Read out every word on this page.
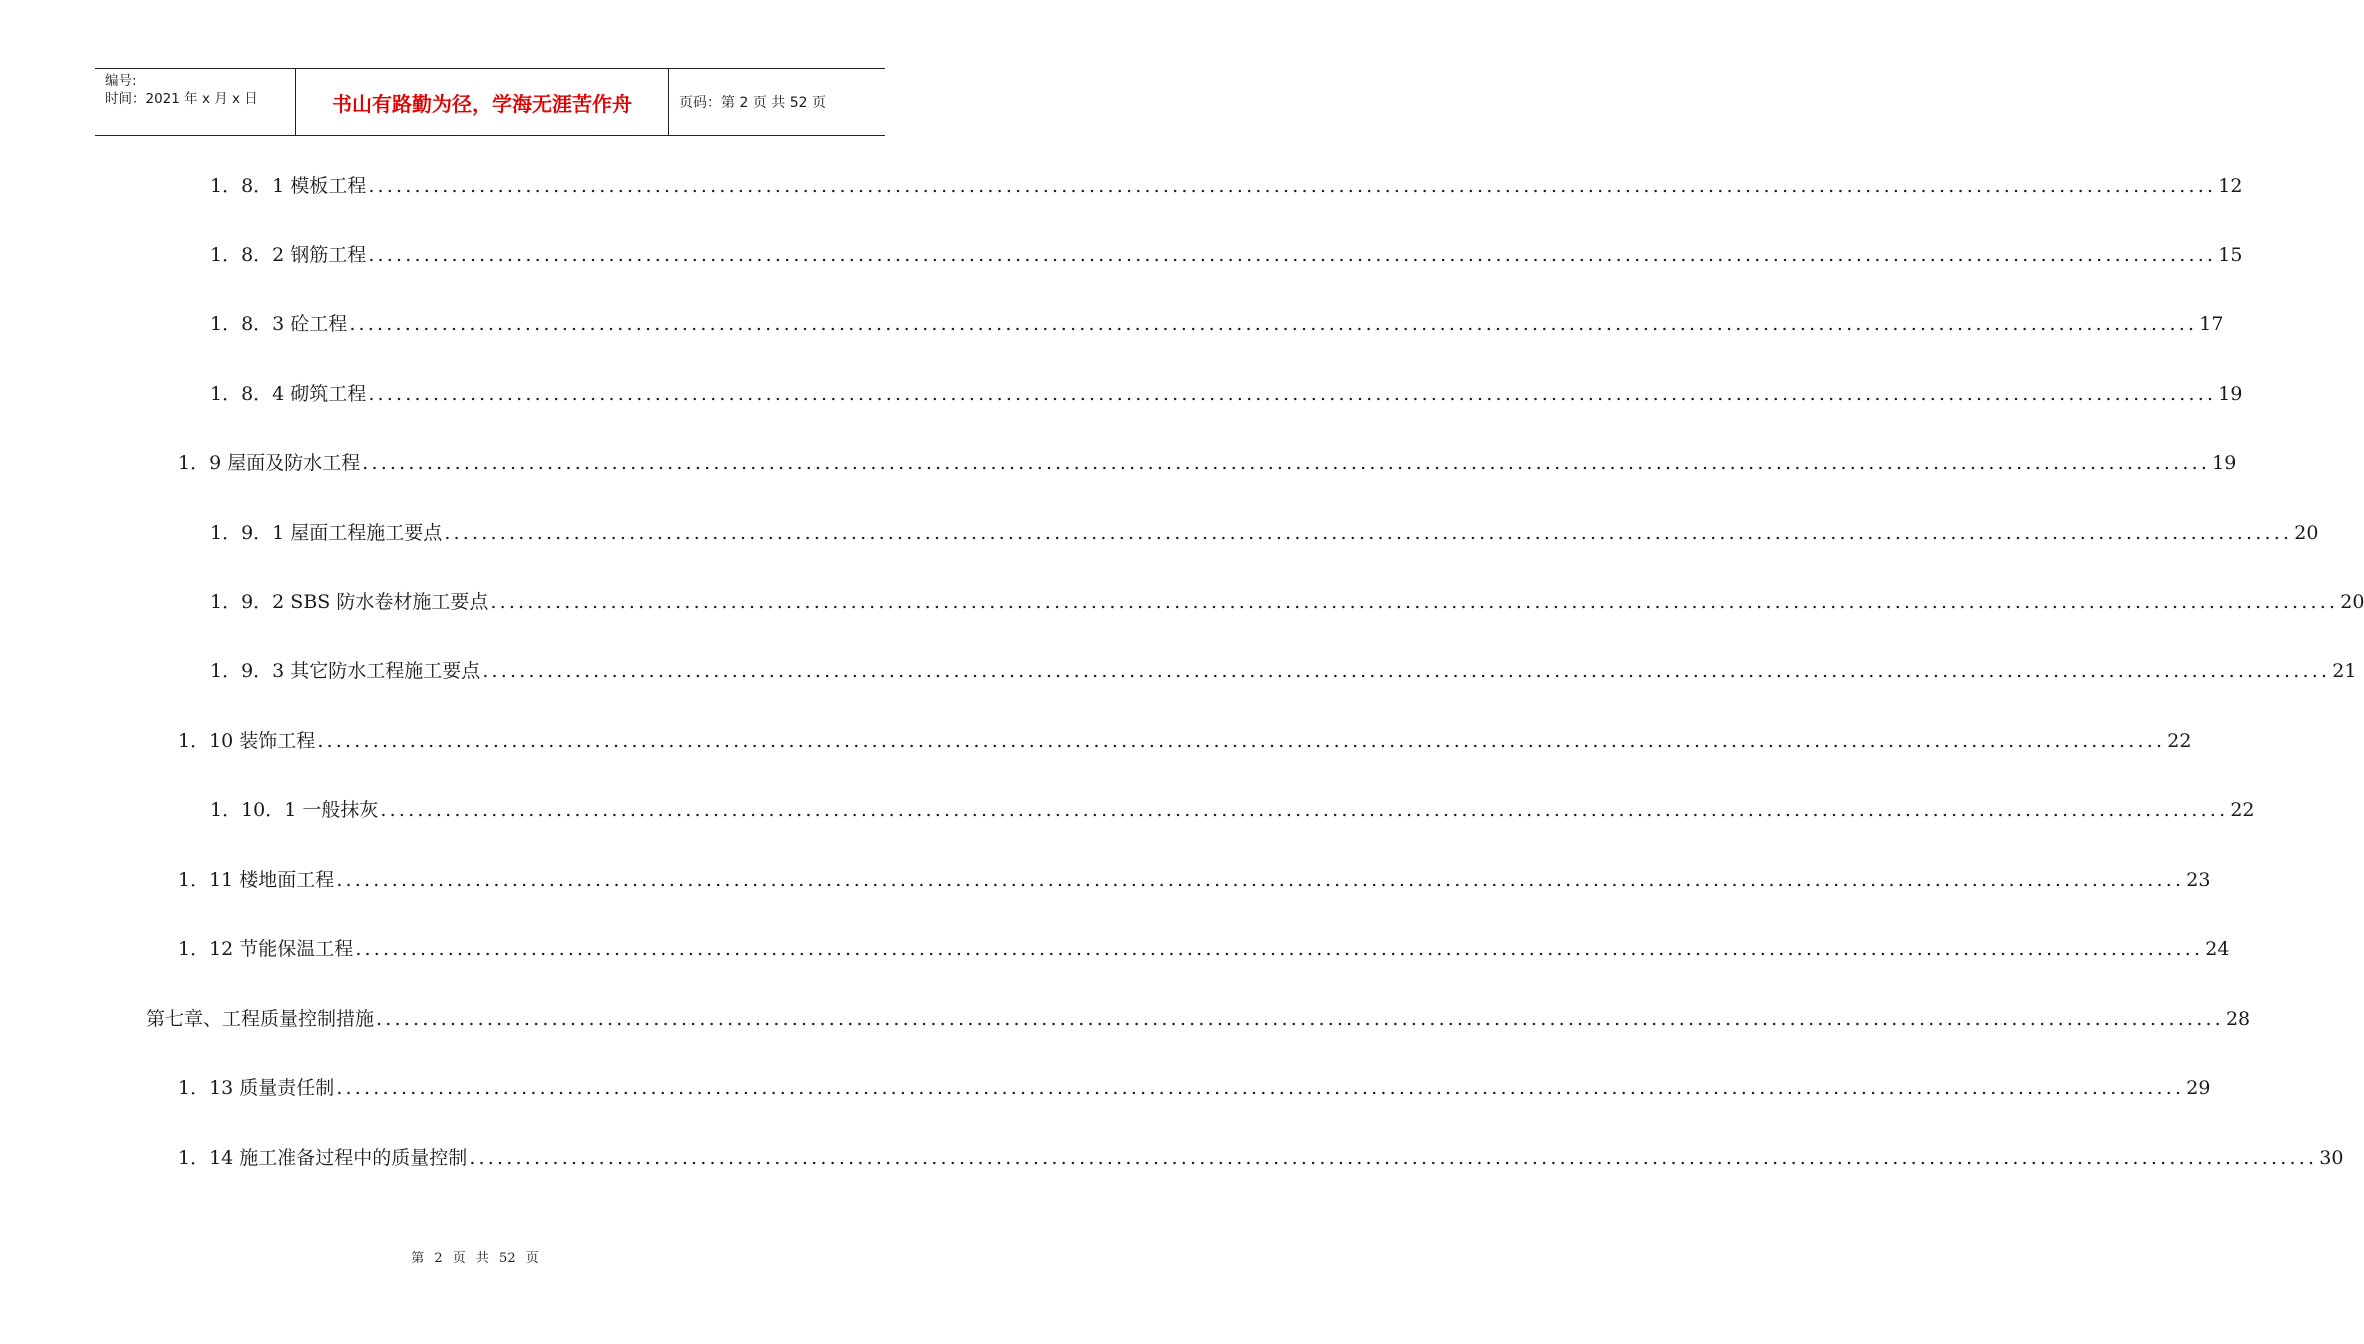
编号:
时间：2021 年 x 月 x 日	书山有路勤为径，学海无涯苦作舟	页码：第 2 页 共 52 页
1．8．1 模板工程 ........................................................................................................................................................................................................ 12
1．8．2 钢筋工程 ........................................................................................................................................................................................................ 15
1．8．3 砼工程 ........................................................................................................................................................................................................ 17
1．8．4 砌筑工程 ........................................................................................................................................................................................................ 19
1．9 屋面及防水工程 ........................................................................................................................................................................................................ 19
1．9．1 屋面工程施工要点 ........................................................................................................................................................................................................ 20
1．9．2 SBS 防水卷材施工要点 ........................................................................................................................................................................................................ 20
1．9．3 其它防水工程施工要点 ........................................................................................................................................................................................................ 21
1．10 装饰工程 ........................................................................................................................................................................................................ 22
1．10．1 一般抹灰 ........................................................................................................................................................................................................ 22
1．11 楼地面工程 ........................................................................................................................................................................................................ 23
1．12 节能保温工程 ........................................................................................................................................................................................................ 24
第七章、工程质量控制措施 ........................................................................................................................................................................................................ 28
1．13 质量责任制 ........................................................................................................................................................................................................ 29
1．14 施工准备过程中的质量控制 ........................................................................................................................................................................................................ 30
第 2 页 共 52 页
